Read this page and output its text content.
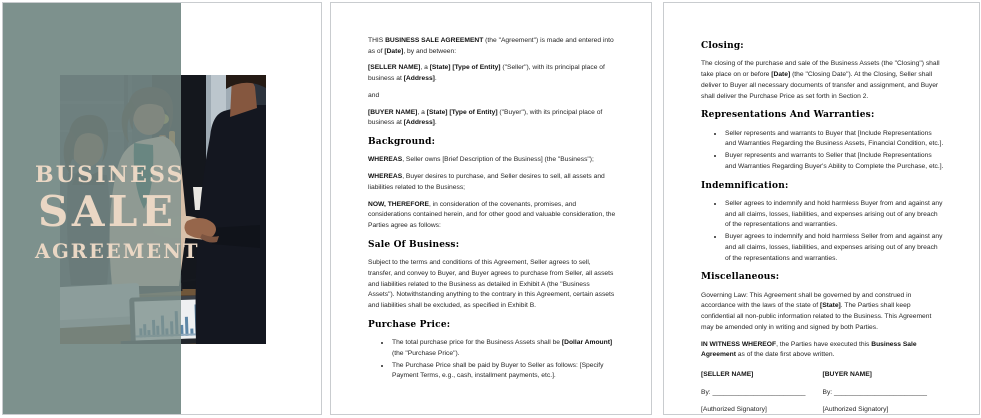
BUSINESS
SALE
AGREEMENT

THIS BUSINESS SALE AGREEMENT (the "Agreement") is made and entered into as of [Date], by and between:

[SELLER NAME], a [State] [Type of Entity] ("Seller"), with its principal place of business at [Address].

and

[BUYER NAME], a [State] [Type of Entity] ("Buyer"), with its principal place of business at [Address].

Background:

WHEREAS, Seller owns [Brief Description of the Business] (the "Business");

WHEREAS, Buyer desires to purchase, and Seller desires to sell, all assets and liabilities related to the Business;

NOW, THEREFORE, in consideration of the covenants, promises, and considerations contained herein, and for other good and valuable consideration, the Parties agree as follows:

Sale Of Business:

Subject to the terms and conditions of this Agreement, Seller agrees to sell, transfer, and convey to Buyer, and Buyer agrees to purchase from Seller, all assets and liabilities related to the Business as detailed in Exhibit A (the "Business Assets"). Notwithstanding anything to the contrary in this Agreement, certain assets and liabilities shall be excluded, as specified in Exhibit B.

Purchase Price:
• The total purchase price for the Business Assets shall be [Dollar Amount] (the "Purchase Price").
• The Purchase Price shall be paid by Buyer to Seller as follows: [Specify Payment Terms, e.g., cash, installment payments, etc.].
Closing:

The closing of the purchase and sale of the Business Assets (the "Closing") shall take place on or before [Date] (the "Closing Date"). At the Closing, Seller shall deliver to Buyer all necessary documents of transfer and assignment, and Buyer shall deliver the Purchase Price as set forth in Section 2.

Representations And Warranties:
• Seller represents and warrants to Buyer that [Include Representations and Warranties Regarding the Business Assets, Financial Condition, etc.].
• Buyer represents and warrants to Seller that [Include Representations and Warranties Regarding Buyer's Ability to Complete the Purchase, etc.].
Indemnification:
• Seller agrees to indemnify and hold harmless Buyer from and against any and all claims, losses, liabilities, and expenses arising out of any breach of the representations and warranties.
• Buyer agrees to indemnify and hold harmless Seller from and against any and all claims, losses, liabilities, and expenses arising out of any breach of the representations and warranties.
Miscellaneous:

Governing Law: This Agreement shall be governed by and construed in accordance with the laws of the state of [State]. The Parties shall keep confidential all non-public information related to the Business. This Agreement may be amended only in writing and signed by both Parties.

IN WITNESS WHEREOF, the Parties have executed this Business Sale Agreement as of the date first above written.

[SELLER NAME]
By: _________________________
[Authorized Signatory]
[BUYER NAME]
By: _________________________
[Authorized Signatory]
